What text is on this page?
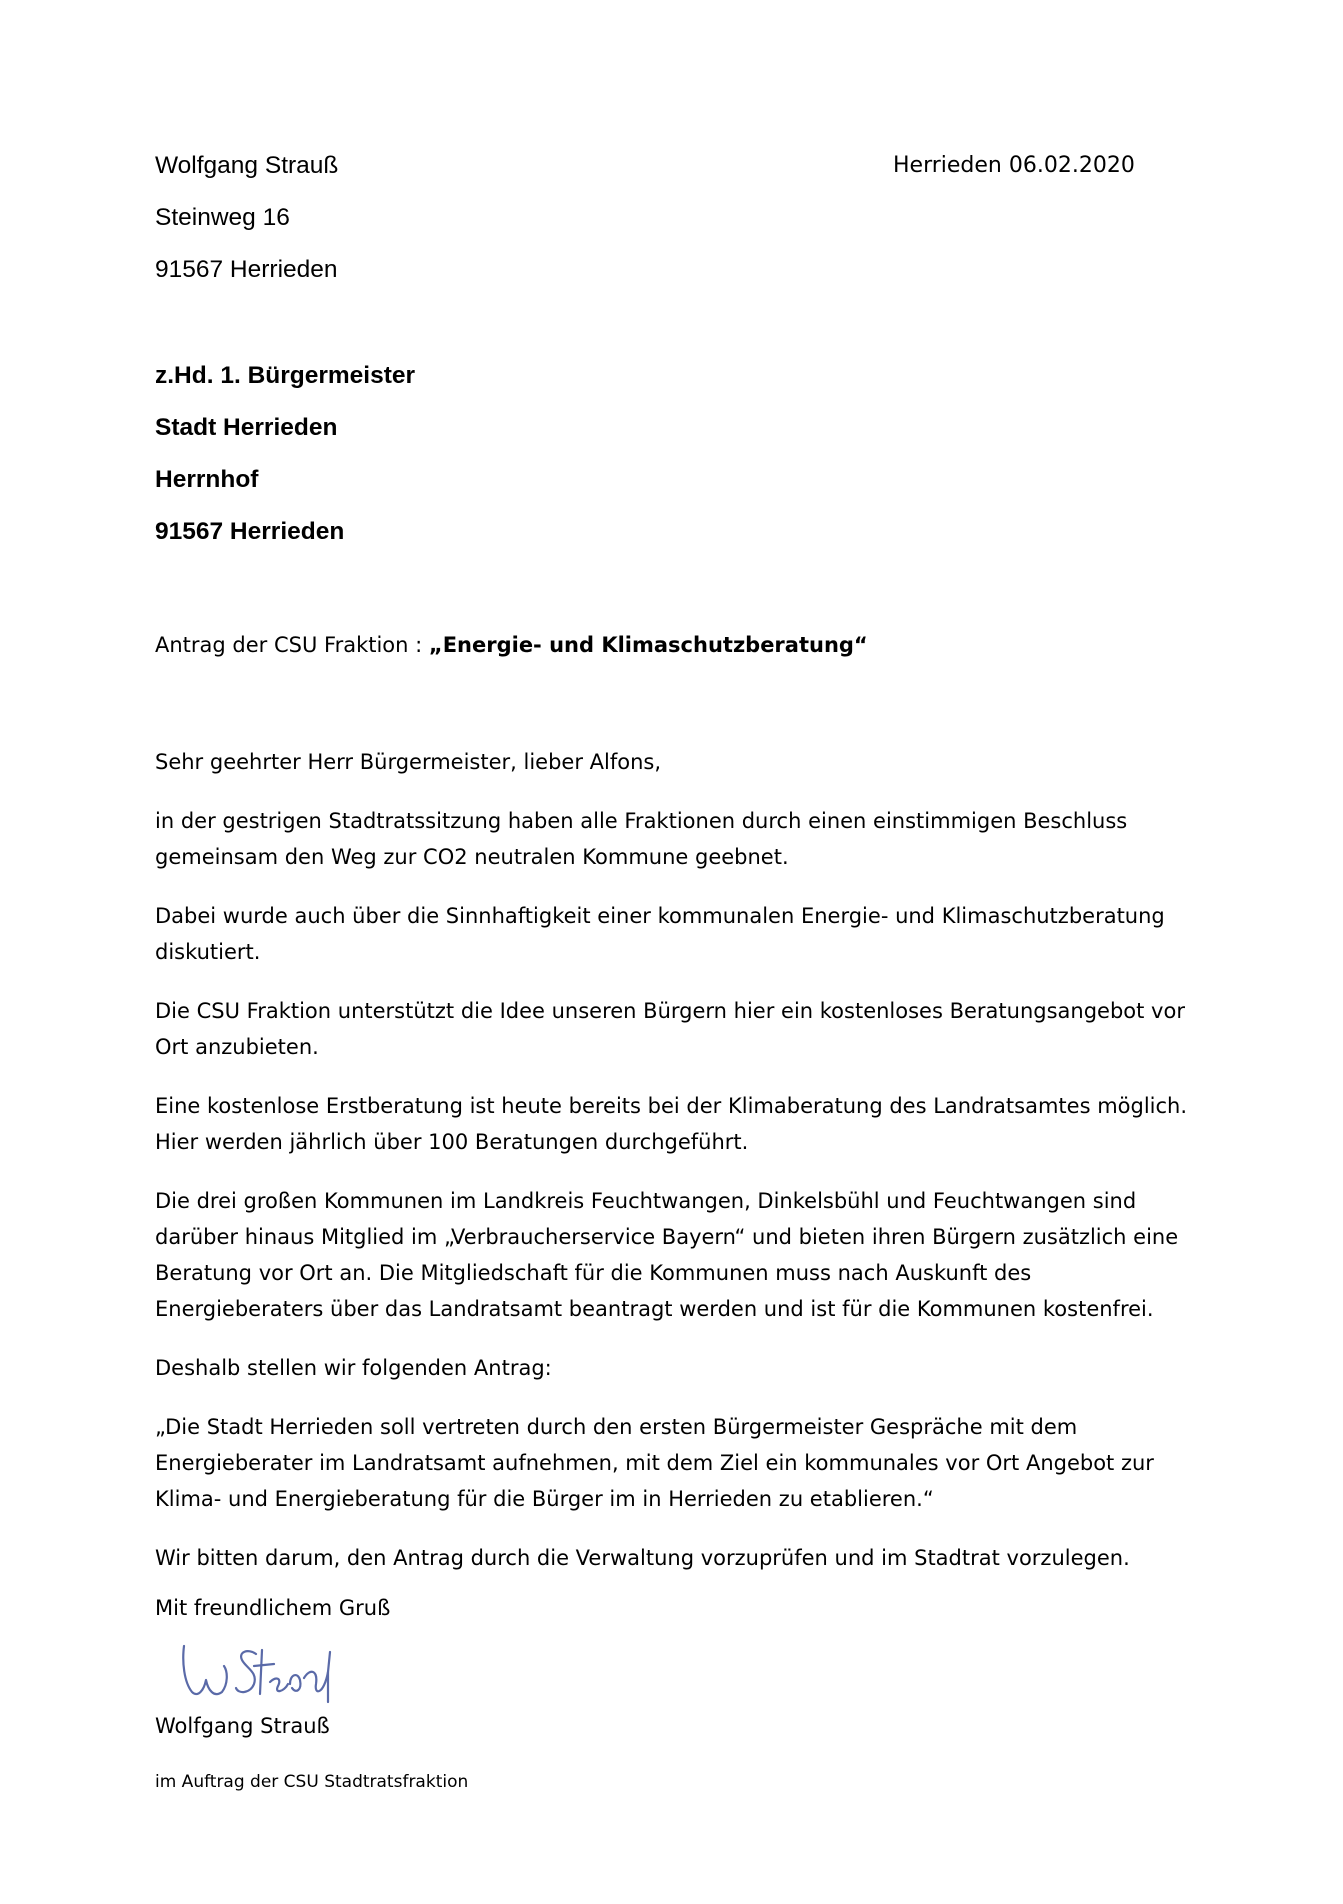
Wolfgang Strauß
Steinweg 16
91567 Herrieden
Herrieden 06.02.2020
z.Hd. 1. Bürgermeister
Stadt Herrieden
Herrnhof
91567 Herrieden
Antrag der CSU Fraktion : „Energie- und Klimaschutzberatung“

Sehr geehrter Herr Bürgermeister, lieber Alfons,

in der gestrigen Stadtratssitzung haben alle Fraktionen durch einen einstimmigen Beschluss gemeinsam den Weg zur CO2 neutralen Kommune geebnet.

Dabei wurde auch über die Sinnhaftigkeit einer kommunalen Energie- und Klimaschutzberatung diskutiert.

Die CSU Fraktion unterstützt die Idee unseren Bürgern hier ein kostenloses Beratungsangebot vor Ort anzubieten.

Eine kostenlose Erstberatung ist heute bereits bei der Klimaberatung des Landratsamtes möglich. Hier werden jährlich über 100 Beratungen durchgeführt.

Die drei großen Kommunen im Landkreis Feuchtwangen, Dinkelsbühl und Feuchtwangen sind darüber hinaus Mitglied im „Verbraucherservice Bayern“ und bieten ihren Bürgern zusätzlich eine Beratung vor Ort an. Die Mitgliedschaft für die Kommunen muss nach Auskunft des Energieberaters über das Landratsamt beantragt werden und ist für die Kommunen kostenfrei.

Deshalb stellen wir folgenden Antrag:

„Die Stadt Herrieden soll vertreten durch den ersten Bürgermeister Gespräche mit dem Energieberater im Landratsamt aufnehmen, mit dem Ziel ein kommunales vor Ort Angebot zur Klima- und Energieberatung für die Bürger im in Herrieden zu etablieren.“

Wir bitten darum, den Antrag durch die Verwaltung vorzuprüfen und im Stadtrat vorzulegen.

Mit freundlichem Gruß
Wolfgang Strauß
im Auftrag der CSU Stadtratsfraktion
